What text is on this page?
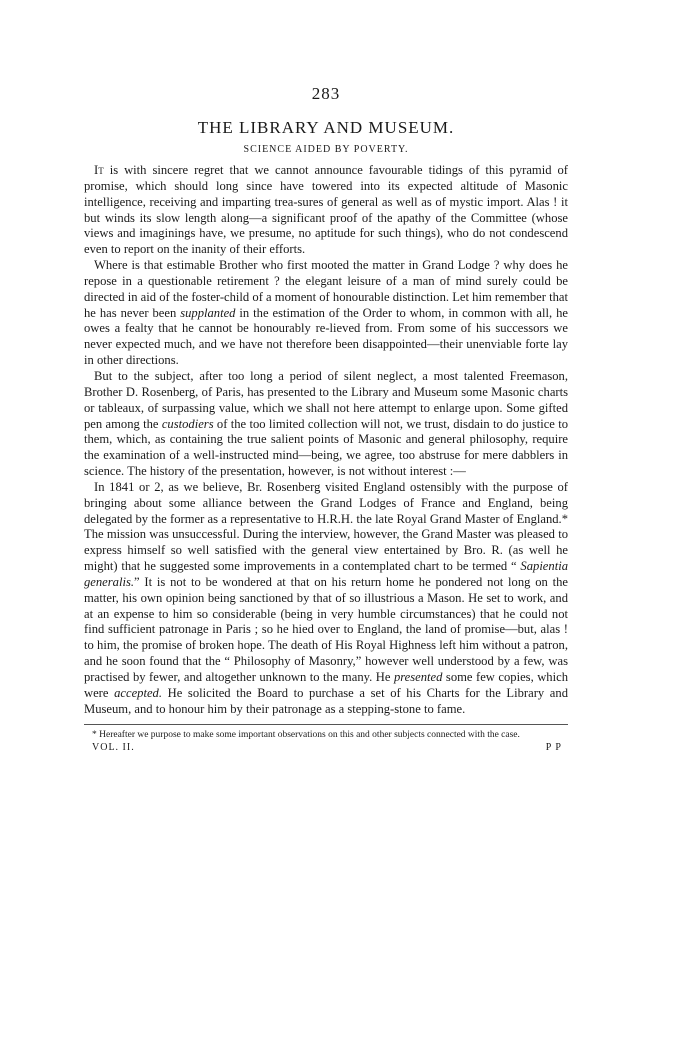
283
THE LIBRARY AND MUSEUM.
SCIENCE AIDED BY POVERTY.

It is with sincere regret that we cannot announce favourable tidings of this pyramid of promise, which should long since have towered into its expected altitude of Masonic intelligence, receiving and imparting trea-sures of general as well as of mystic import. Alas ! it but winds its slow length along—a significant proof of the apathy of the Committee (whose views and imaginings have, we presume, no aptitude for such things), who do not condescend even to report on the inanity of their efforts.

Where is that estimable Brother who first mooted the matter in Grand Lodge ? why does he repose in a questionable retirement ? the elegant leisure of a man of mind surely could be directed in aid of the foster-child of a moment of honourable distinction. Let him remember that he has never been supplanted in the estimation of the Order to whom, in common with all, he owes a fealty that he cannot be honourably re-lieved from. From some of his successors we never expected much, and we have not therefore been disappointed—their unenviable forte lay in other directions.

But to the subject, after too long a period of silent neglect, a most talented Freemason, Brother D. Rosenberg, of Paris, has presented to the Library and Museum some Masonic charts or tableaux, of surpassing value, which we shall not here attempt to enlarge upon. Some gifted pen among the custodiers of the too limited collection will not, we trust, disdain to do justice to them, which, as containing the true salient points of Masonic and general philosophy, require the examination of a well-instructed mind—being, we agree, too abstruse for mere dabblers in science. The history of the presentation, however, is not without interest :—

In 1841 or 2, as we believe, Br. Rosenberg visited England ostensibly with the purpose of bringing about some alliance between the Grand Lodges of France and England, being delegated by the former as a representative to H.R.H. the late Royal Grand Master of England.* The mission was unsuccessful. During the interview, however, the Grand Master was pleased to express himself so well satisfied with the general view entertained by Bro. R. (as well he might) that he suggested some improvements in a contemplated chart to be termed “ Sapientia generalis.” It is not to be wondered at that on his return home he pondered not long on the matter, his own opinion being sanctioned by that of so illustrious a Mason. He set to work, and at an expense to him so considerable (being in very humble circumstances) that he could not find sufficient patronage in Paris ; so he hied over to England, the land of promise—but, alas ! to him, the promise of broken hope. The death of His Royal Highness left him without a patron, and he soon found that the “ Philosophy of Masonry,” however well understood by a few, was practised by fewer, and altogether unknown to the many. He presented some few copies, which were accepted. He solicited the Board to purchase a set of his Charts for the Library and Museum, and to honour him by their patronage as a stepping-stone to fame.

* Hereafter we purpose to make some important observations on this and other subjects connected with the case.

VOL. II.	P P
